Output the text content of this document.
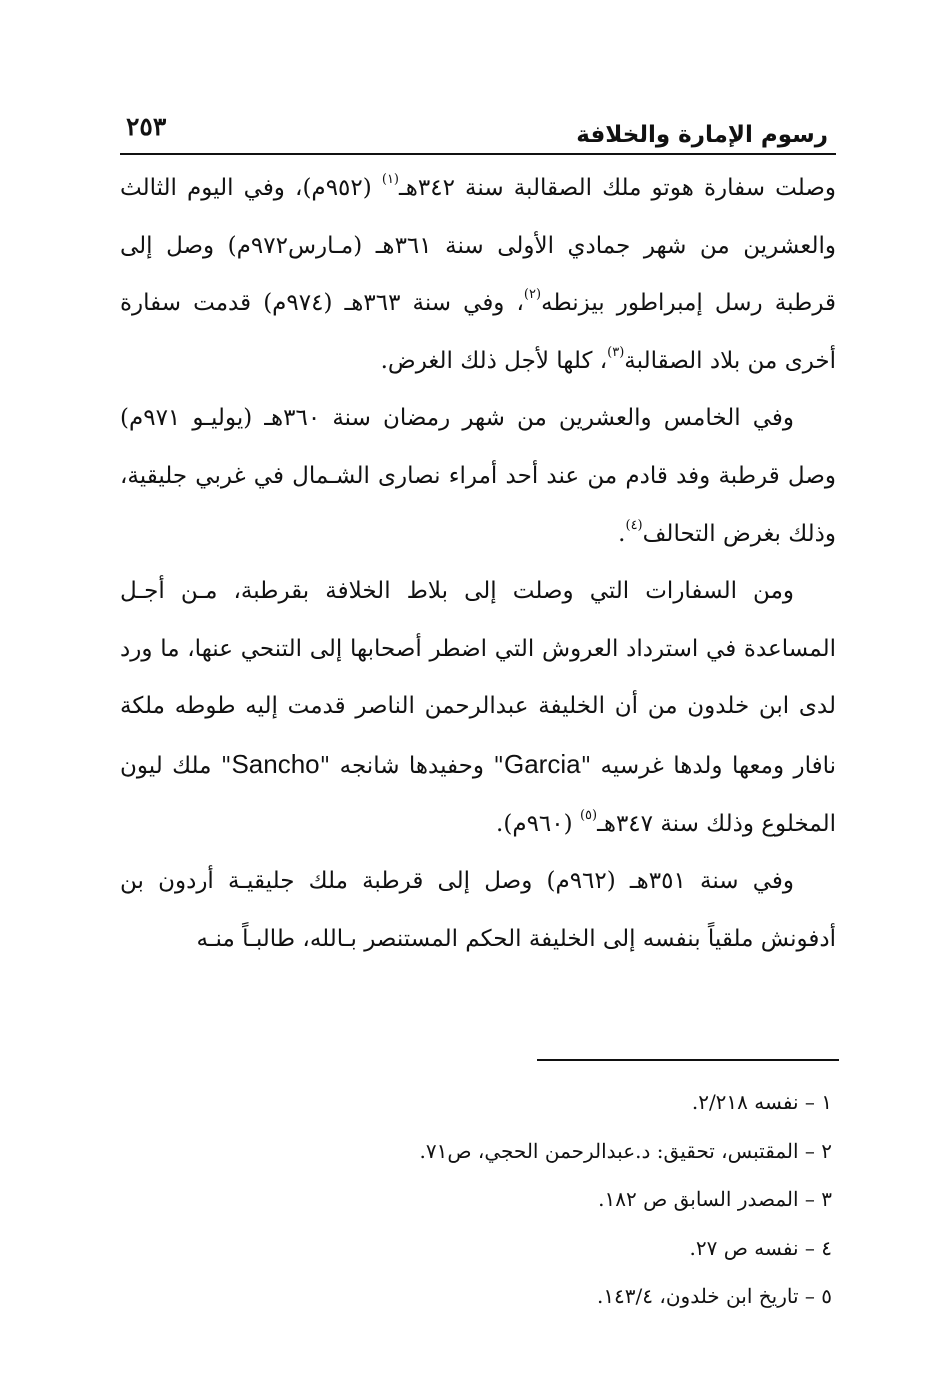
٢٥٣	رسوم الإمارة والخلافة

وصلت سفارة هوتو ملك الصقالبة سنة ٣٤٢هـ$^{(١)}$ (٩٥٢م)، وفي اليوم الثالث والعشرين من شهر جمادي الأولى سنة ٣٦١هـ (مـارس٩٧٢م) وصل إلى قرطبة رسل إمبراطور بيزنطه$^{(٢)}$، وفي سنة ٣٦٣هـ (٩٧٤م) قدمت سفارة أخرى من بلاد الصقالبة$^{(٣)}$، كلها لأجل ذلك الغرض.

وفي الخامس والعشرين من شهر رمضان سنة ٣٦٠هـ (يوليـو ٩٧١م) وصل قرطبة وفد قادم من عند أحد أمراء نصارى الشـمال في غربي جليقية، وذلك بغرض التحالف$^{(٤)}$.

ومن السفارات التي وصلت إلى بلاط الخلافة بقرطبة، مـن أجـل المساعدة في استرداد العروش التي اضطر أصحابها إلى التنحي عنها، ما ورد لدى ابن خلدون من أن الخليفة عبدالرحمن الناصر قدمت إليه طوطه ملكة نافار ومعها ولدها غرسيه "Garcia" وحفيدها شانجه "Sancho" ملك ليون المخلوع وذلك سنة ٣٤٧هـ$^{(٥)}$ (٩٦٠م).

وفي سنة ٣٥١هـ (٩٦٢م) وصل إلى قرطبة ملك جليقيـة أردون بن أدفونش ملقياً بنفسه إلى الخليفة الحكم المستنصر بـالله، طالبـاً منـه

١ – نفسه ٢/٢١٨.

٢ – المقتبس، تحقيق: د.عبدالرحمن الحجي، ص٧١.

٣ – المصدر السابق ص ١٨٢.

٤ – نفسه ص ٢٧.

٥ – تاريخ ابن خلدون، ١٤٣/٤.
